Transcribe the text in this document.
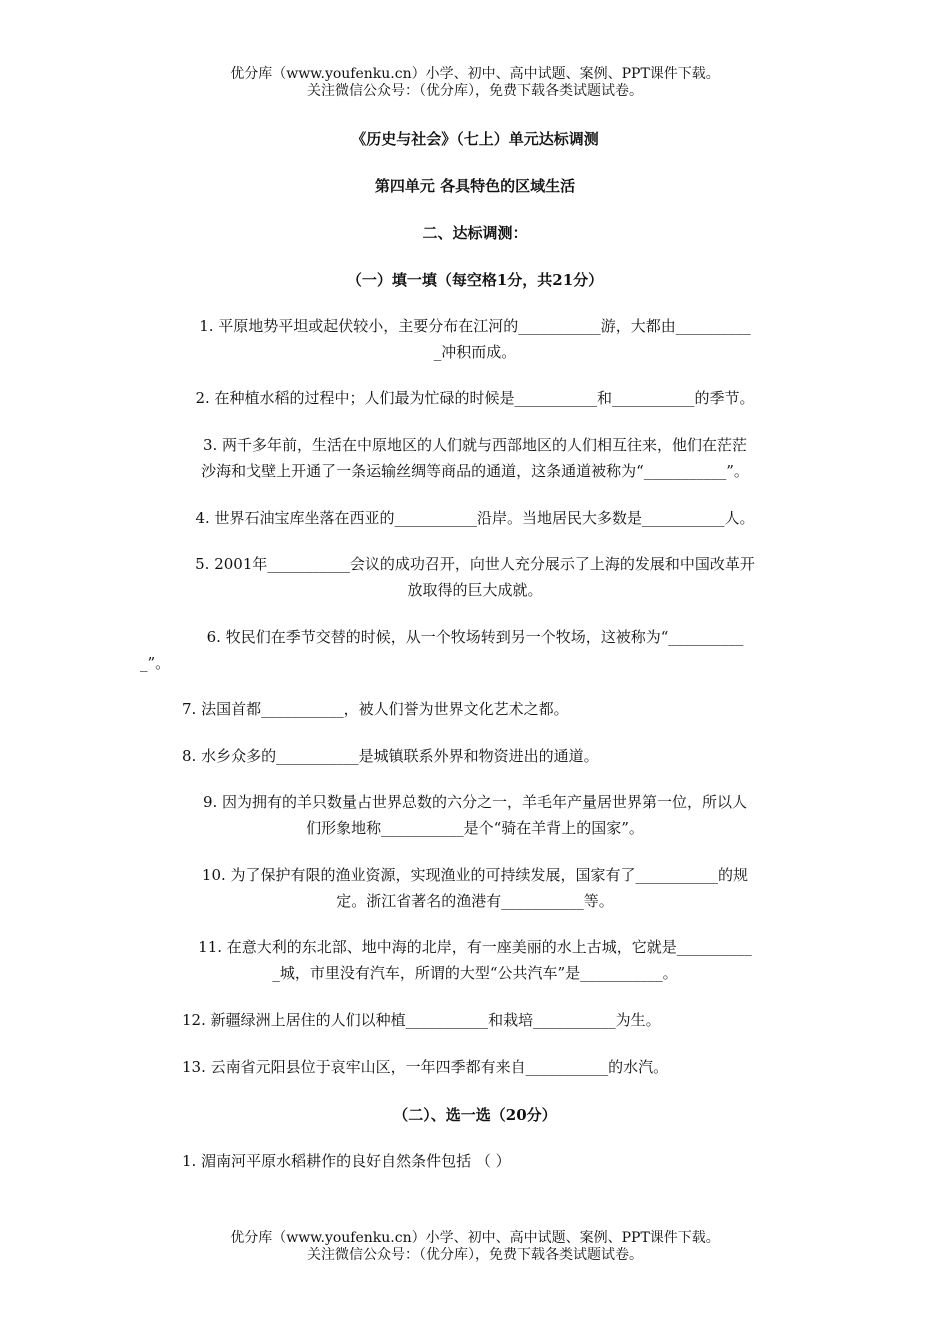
优分库（www.youfenku.cn）小学、初中、高中试题、案例、PPT课件下载。
关注微信公众号：（优分库），免费下载各类试题试卷。
《历史与社会》（七上）单元达标调测
第四单元 各具特色的区域生活
二、达标调测：
（一）填一填（每空格1分，共21分）
1. 平原地势平坦或起伏较小，主要分布在江河的___________游，大都由__________
_冲积而成。
2. 在种植水稻的过程中；人们最为忙碌的时候是___________和___________的季节。
3. 两千多年前，生活在中原地区的人们就与西部地区的人们相互往来，他们在茫茫
沙海和戈壁上开通了一条运输丝绸等商品的通道，这条通道被称为“___________”。
4. 世界石油宝库坐落在西亚的___________沿岸。当地居民大多数是___________人。
5. 2001年___________会议的成功召开，向世人充分展示了上海的发展和中国改革开
放取得的巨大成就。
6. 牧民们在季节交替的时候，从一个牧场转到另一个牧场，这被称为“__________
_”。
7. 法国首都___________，被人们誉为世界文化艺术之都。
8. 水乡众多的___________是城镇联系外界和物资进出的通道。
9. 因为拥有的羊只数量占世界总数的六分之一，羊毛年产量居世界第一位，所以人
们形象地称___________是个“骑在羊背上的国家”。
10. 为了保护有限的渔业资源，实现渔业的可持续发展，国家有了___________的规
定。浙江省著名的渔港有___________等。
11. 在意大利的东北部、地中海的北岸，有一座美丽的水上古城，它就是__________
_城，市里没有汽车，所谓的大型“公共汽车”是___________。
12. 新疆绿洲上居住的人们以种植___________和栽培___________为生。
13. 云南省元阳县位于哀牢山区，一年四季都有来自___________的水汽。
（二）、选一选（20分）
1. 湄南河平原水稻耕作的良好自然条件包括 （ ）
优分库（www.youfenku.cn）小学、初中、高中试题、案例、PPT课件下载。
关注微信公众号：（优分库），免费下载各类试题试卷。
